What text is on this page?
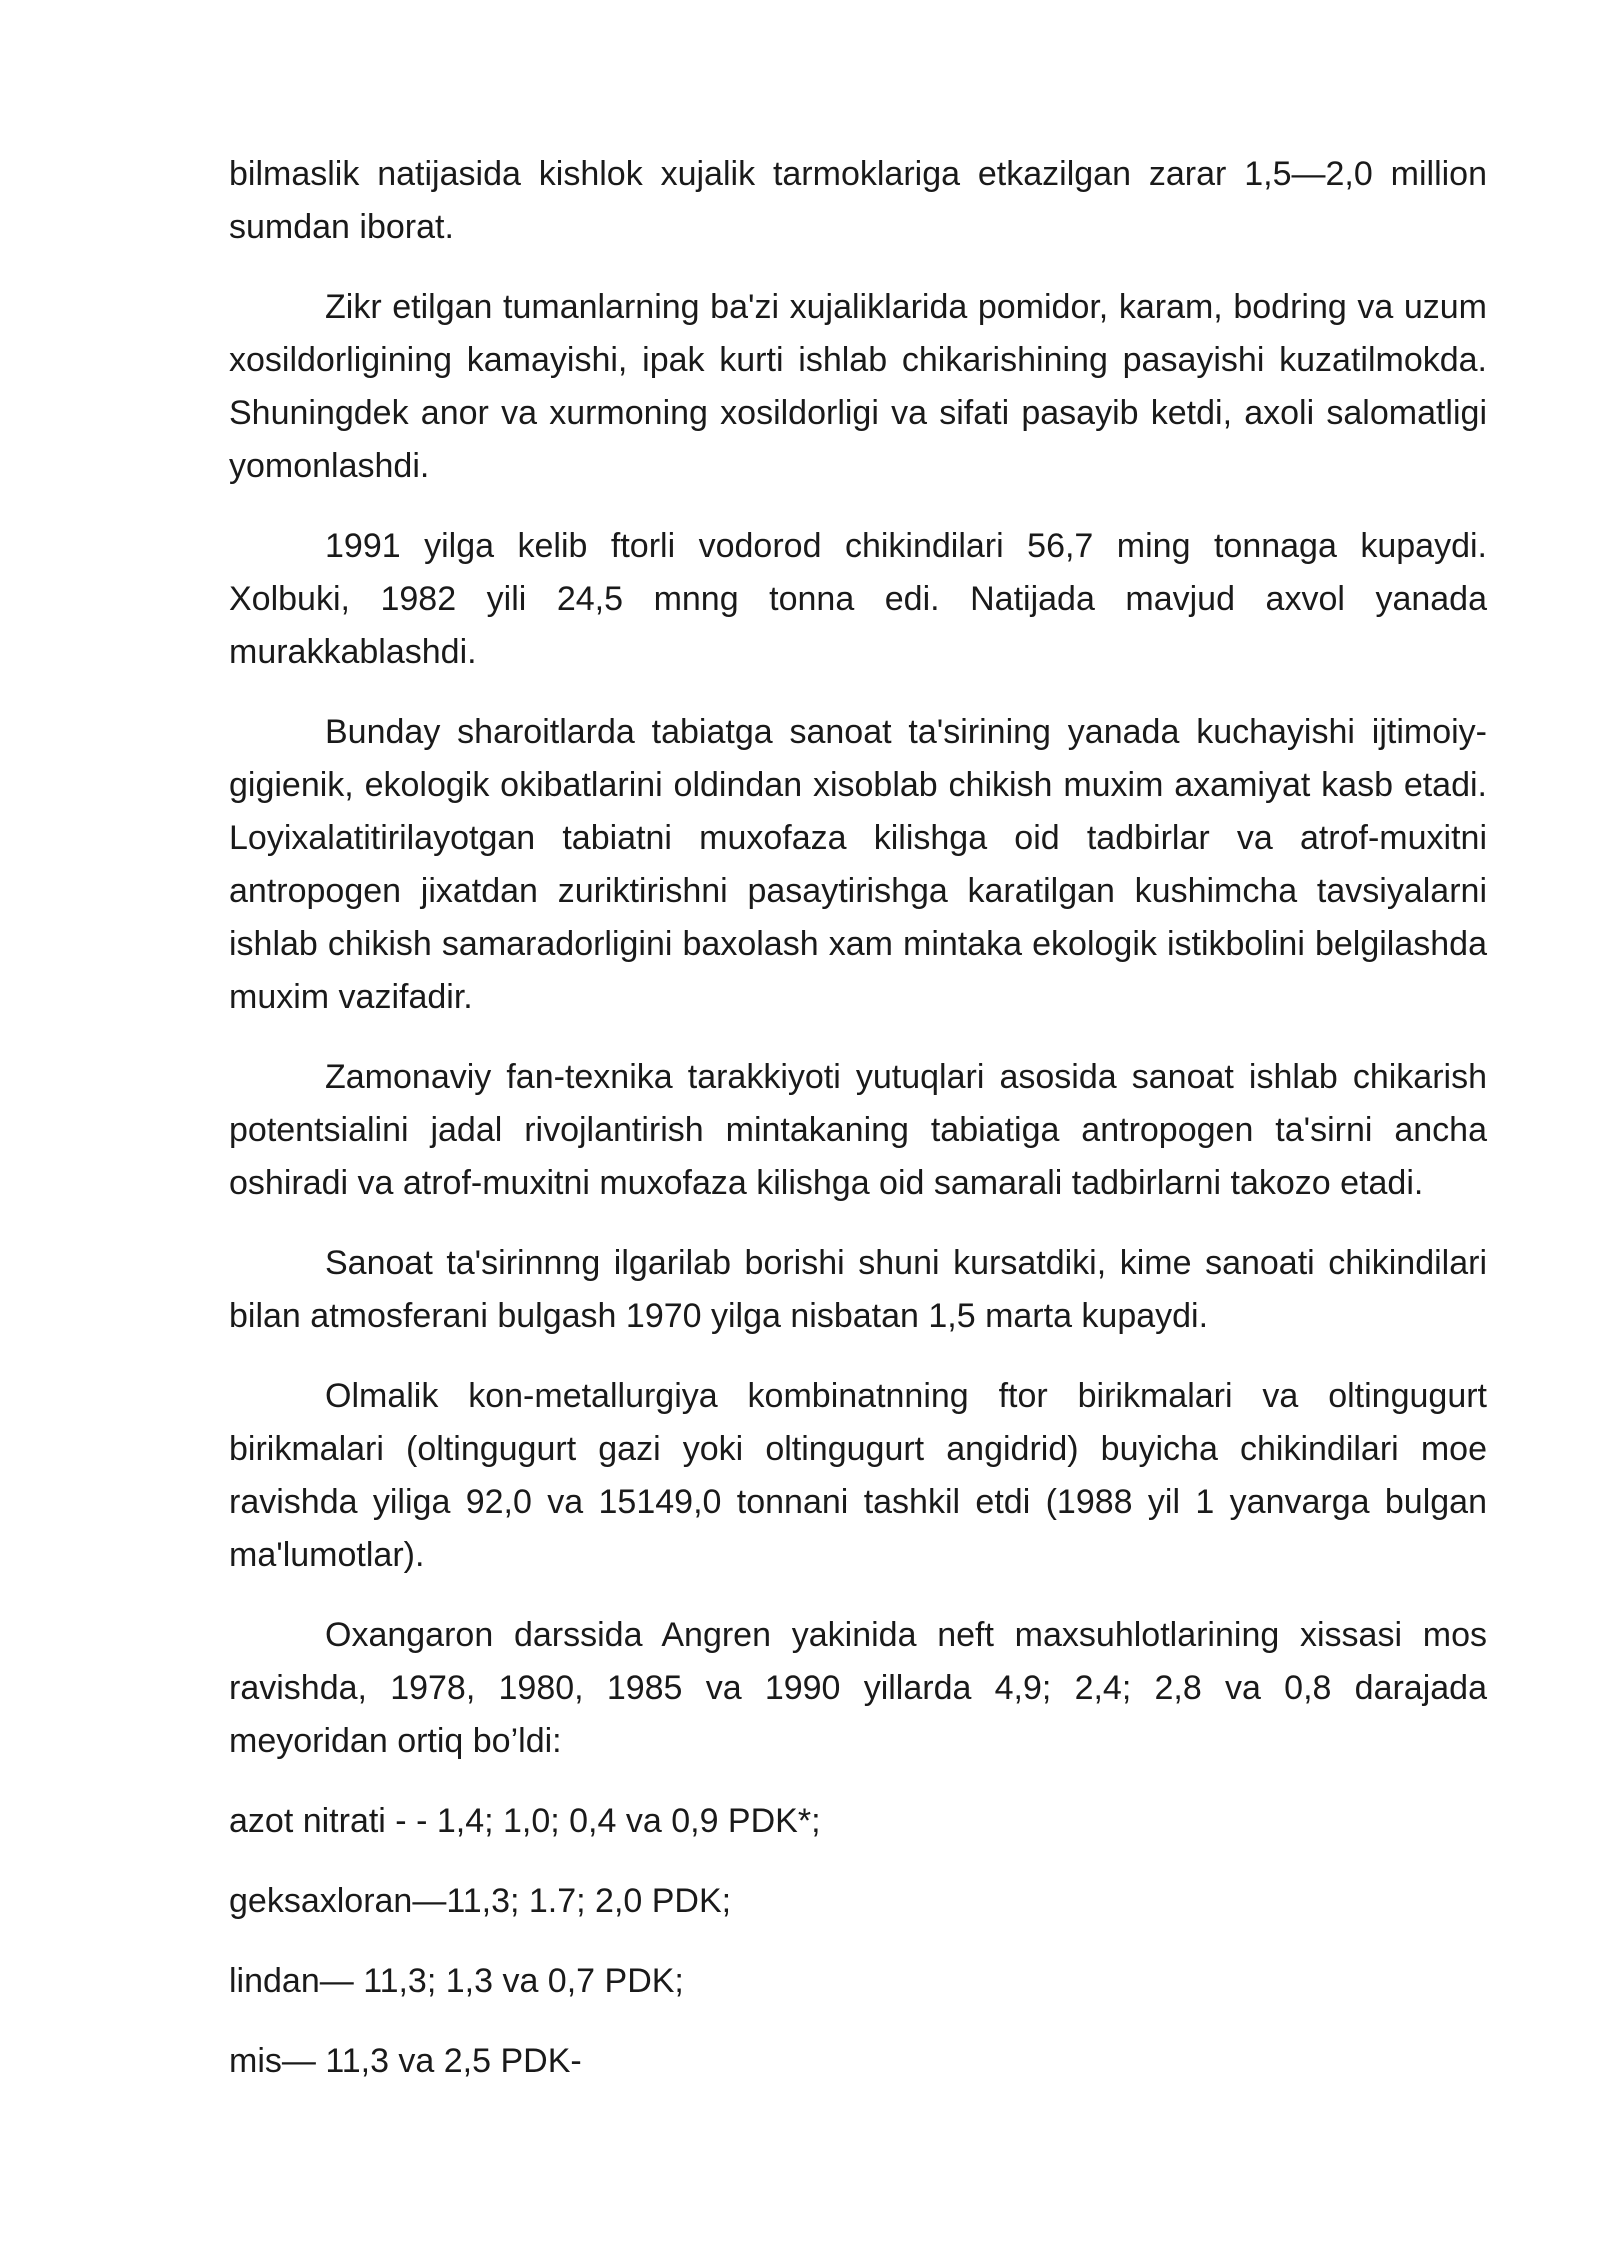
bilmaslik natijasida kishlok xujalik tarmoklariga etkazilgan zarar 1,5—2,0 million sumdan iborat.

Zikr etilgan tumanlarning ba'zi xujaliklarida pomidor, karam, bodring va uzum xosildorligining kamayishi, ipak kurti ishlab chikarishining pasayishi kuzatilmokda. Shuningdek anor va xurmoning xosildorligi va sifati pasayib ketdi, axoli salomatligi yomonlashdi.

1991 yilga kelib ftorli vodorod chikindilari 56,7 ming tonnaga kupaydi. Xolbuki, 1982 yili 24,5 mnng tonna edi. Natijada mavjud axvol yanada murakkablashdi.

Bunday sharoitlarda tabiatga sanoat ta'sirining yanada kuchayishi ijtimoiy-gigienik, ekologik okibatlarini oldindan xisoblab chikish muxim axamiyat kasb etadi. Loyixalatitirilayotgan tabiatni muxofaza kilishga oid tadbirlar va atrof-muxitni antropogen jixatdan zuriktirishni pasaytirishga karatilgan kushimcha tavsiyalarni ishlab chikish samaradorligini baxolash xam mintaka ekologik istikbolini belgilashda muxim vazifadir.

Zamonaviy fan-texnika tarakkiyoti yutuqlari asosida sanoat ishlab chikarish potentsialini jadal rivojlantirish mintakaning tabiatiga antropogen ta'sirni ancha oshiradi va atrof-muxitni muxofaza kilishga oid samarali tadbirlarni takozo etadi.

Sanoat ta'sirinnng ilgarilab borishi shuni kursatdiki, kime sanoati chikindilari bilan atmosferani bulgash 1970 yilga nisbatan 1,5 marta kupaydi.

Olmalik kon-metallurgiya kombinatnning ftor birikmalari va oltingugurt birikmalari (oltingugurt gazi yoki oltingugurt angidrid) buyicha chikindilari moe ravishda yiliga 92,0 va 15149,0 tonnani tashkil etdi (1988 yil 1 yanvarga bulgan ma'lumotlar).

Oxangaron darssida Angren yakinida neft maxsuhlotlarining xissasi mos ravishda, 1978, 1980, 1985 va 1990 yillarda 4,9; 2,4; 2,8 va 0,8 darajada meyoridan ortiq bo’ldi:

azot nitrati - - 1,4; 1,0; 0,4 va 0,9 PDK*;
geksaxloran—11,3; 1.7; 2,0 PDK;
lindan— 11,3; 1,3 va 0,7 PDK;
mis— 11,3 va 2,5 PDK-
